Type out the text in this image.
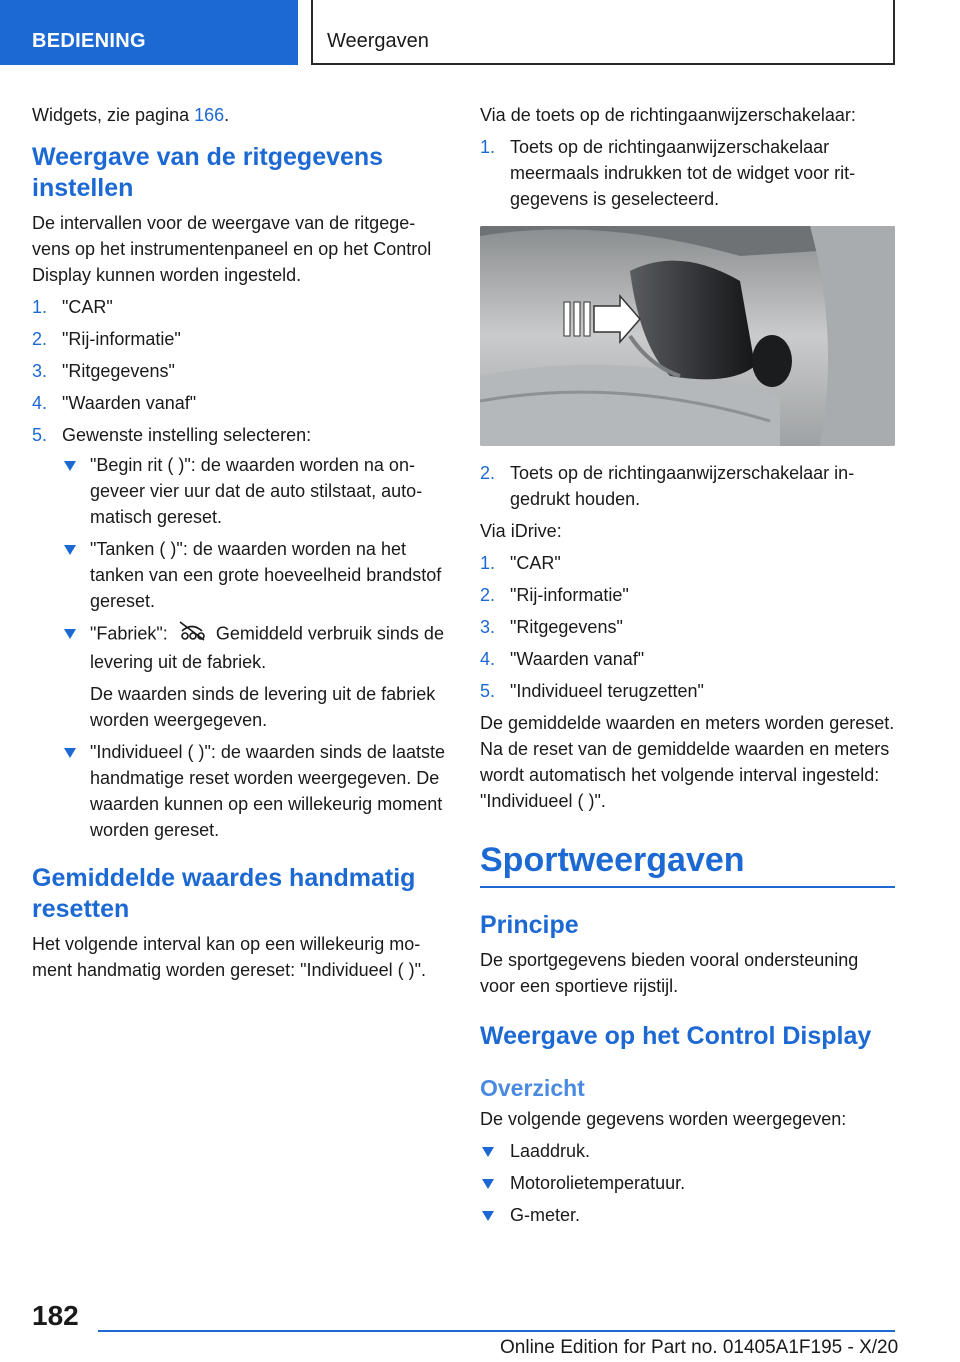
BEDIENING	Weergaven

Widgets, zie pagina 166.

Weergave van de ritgegevens instellen

De intervallen voor de weergave van de ritgegevens op het instrumentenpaneel en op het Control Display kunnen worden ingesteld.

1. "CAR"
2. "Rij-informatie"
3. "Ritgegevens"
4. "Waarden vanaf"
5. Gewenste instelling selecteren:
"Begin rit ( )": de waarden worden na ongeveer vier uur dat de auto stilstaat, automatisch gereset.
"Tanken ( )": de waarden worden na het tanken van een grote hoeveelheid brandstof gereset.
"Fabriek":	Gemiddeld verbruik sinds de levering uit de fabriek.

De waarden sinds de levering uit de fabriek worden weergegeven.

"Individueel ( )": de waarden sinds de laatste handmatige reset worden weergegeven. De waarden kunnen op een willekeurig moment worden gereset.
Gemiddelde waardes handmatig resetten

Het volgende interval kan op een willekeurig moment handmatig worden gereset: "Individueel ( )".

Via de toets op de richtingaanwijzerschakelaar:

1. Toets op de richtingaanwijzerschakelaar meermaals indrukken tot de widget voor ritgegevens is geselecteerd.
2. Toets op de richtingaanwijzerschakelaar ingedrukt houden.

Via iDrive:

1. "CAR"
2. "Rij-informatie"
3. "Ritgegevens"
4. "Waarden vanaf"
5. "Individueel terugzetten"

De gemiddelde waarden en meters worden gereset. Na de reset van de gemiddelde waarden en meters wordt automatisch het volgende interval ingesteld: "Individueel ( )".

Sportweergaven
Principe

De sportgegevens bieden vooral ondersteuning voor een sportieve rijstijl.

Weergave op het Control Display
Overzicht

De volgende gegevens worden weergegeven:

Laaddruk.
Motorolietemperatuur.
G-meter.
182
Online Edition for Part no. 01405A1F195 - X/20
